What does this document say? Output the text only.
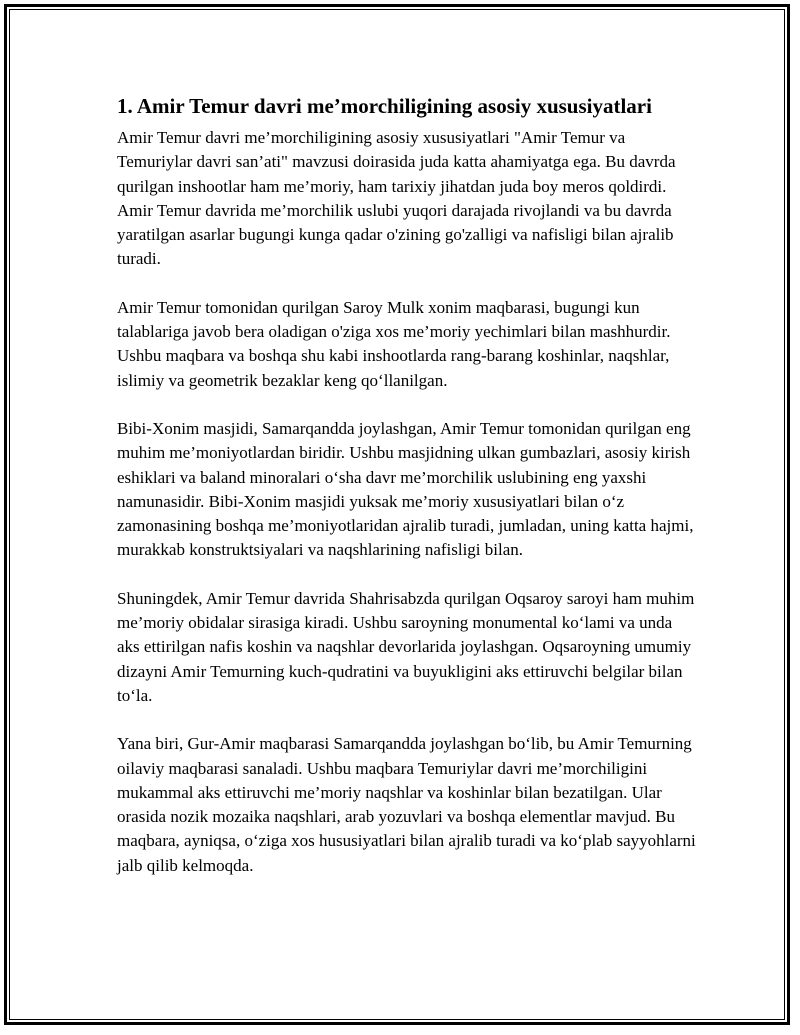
1. Amir Temur davri me’morchiligining asosiy xususiyatlari

Amir Temur davri me’morchiligining asosiy xususiyatlari "Amir Temur va Temuriylar davri san’ati" mavzusi doirasida juda katta ahamiyatga ega. Bu davrda qurilgan inshootlar ham me’moriy, ham tarixiy jihatdan juda boy meros qoldirdi. Amir Temur davrida me’morchilik uslubi yuqori darajada rivojlandi va bu davrda yaratilgan asarlar bugungi kunga qadar o'zining go'zalligi va nafisligi bilan ajralib turadi.

Amir Temur tomonidan qurilgan Saroy Mulk xonim maqbarasi, bugungi kun talablariga javob bera oladigan o'ziga xos me’moriy yechimlari bilan mashhurdir. Ushbu maqbara va boshqa shu kabi inshootlarda rang-barang koshinlar, naqshlar, islimiy va geometrik bezaklar keng qo‘llanilgan.

Bibi-Xonim masjidi, Samarqandda joylashgan, Amir Temur tomonidan qurilgan eng muhim me’moniyotlardan biridir. Ushbu masjidning ulkan gumbazlari, asosiy kirish eshiklari va baland minoralari o‘sha davr me’morchilik uslubining eng yaxshi namunasidir. Bibi-Xonim masjidi yuksak me’moriy xususiyatlari bilan o‘z zamonasining boshqa me’moniyotlaridan ajralib turadi, jumladan, uning katta hajmi, murakkab konstruktsiyalari va naqshlarining nafisligi bilan.

Shuningdek, Amir Temur davrida Shahrisabzda qurilgan Oqsaroy saroyi ham muhim me’moriy obidalar sirasiga kiradi. Ushbu saroyning monumental ko‘lami va unda aks ettirilgan nafis koshin va naqshlar devorlarida joylashgan. Oqsaroyning umumiy dizayni Amir Temurning kuch-qudratini va buyukligini aks ettiruvchi belgilar bilan to‘la.

Yana biri, Gur-Amir maqbarasi Samarqandda joylashgan bo‘lib, bu Amir Temurning oilaviy maqbarasi sanaladi. Ushbu maqbara Temuriylar davri me’morchiligini mukammal aks ettiruvchi me’moriy naqshlar va koshinlar bilan bezatilgan. Ular orasida nozik mozaika naqshlari, arab yozuvlari va boshqa elementlar mavjud. Bu maqbara, ayniqsa, o‘ziga xos hususiyatlari bilan ajralib turadi va ko‘plab sayyohlarni jalb qilib kelmoqda.
